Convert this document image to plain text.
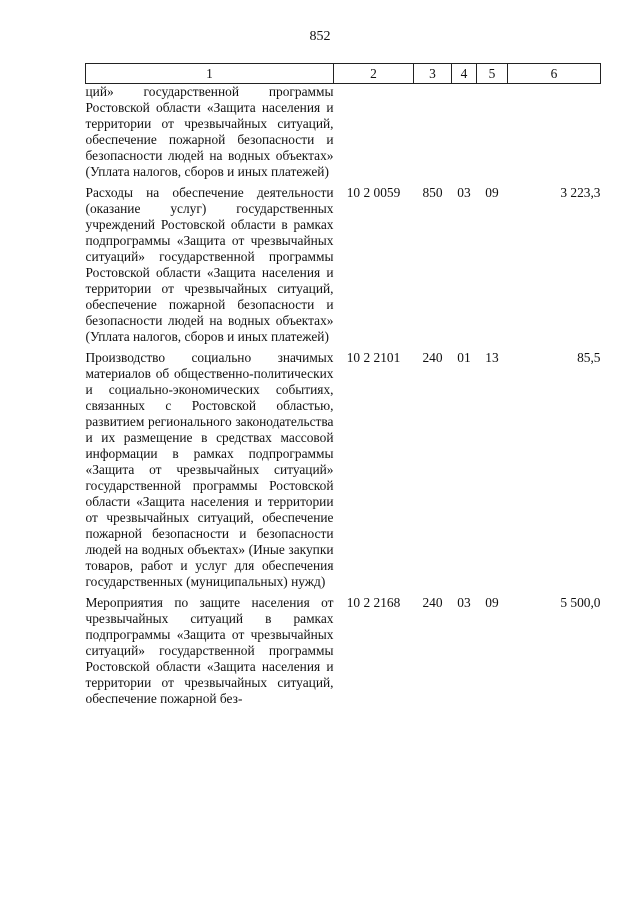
852
1	2	3	4	5	6
ций» государственной программы Ростовской области «Защита населения и территории от чрезвычайных ситуаций, обеспечение пожарной безопасности и безопасности людей на водных объектах» (Уплата налогов, сборов и иных платежей)					

Расходы на обеспечение деятельности (оказание услуг) государственных учреждений Ростовской области в рамках подпрограммы «Защита от чрезвычайных ситуаций» государственной программы Ростовской области «Защита населения и территории от чрезвычайных ситуаций, обеспечение пожарной безопасности и безопасности людей на водных объектах» (Уплата налогов, сборов и иных платежей)	10 2 0059	850	03	09	3 223,3

Производство социально значимых материалов об общественно-политических и социально-экономических событиях, связанных с Ростовской областью, развитием регионального законодательства и их размещение в средствах массовой информации в рамках подпрограммы «Защита от чрезвычайных ситуаций» государственной программы Ростовской области «Защита населения и территории от чрезвычайных ситуаций, обеспечение пожарной безопасности и безопасности людей на водных объектах» (Иные закупки товаров, работ и услуг для обеспечения государственных (муниципальных) нужд)	10 2 2101	240	01	13	85,5

Мероприятия по защите населения от чрезвычайных ситуаций в рамках подпрограммы «Защита от чрезвычайных ситуаций» государственной программы Ростовской области «Защита населения и территории от чрезвычайных ситуаций, обеспечение пожарной без-	10 2 2168	240	03	09	5 500,0
